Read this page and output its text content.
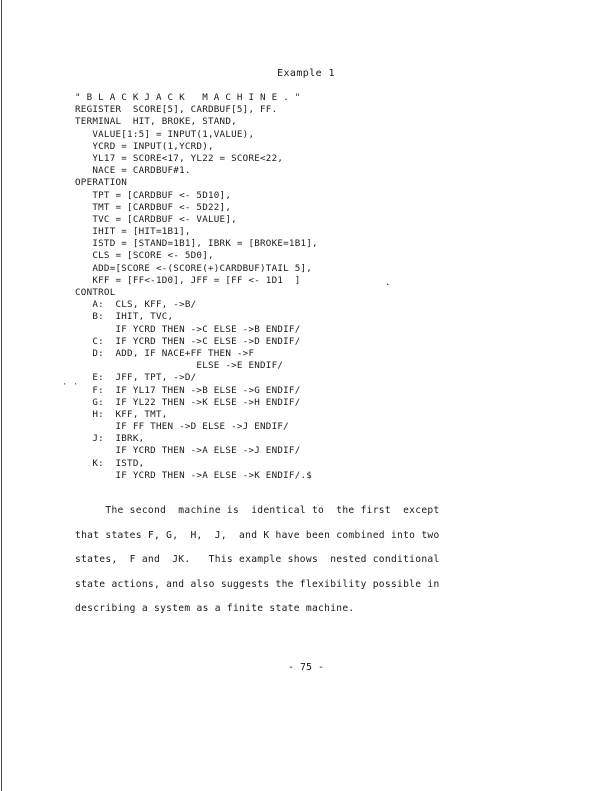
Example 1
" B L A C K J A C K   M A C H I N E . "
REGISTER  SCORE[5], CARDBUF[5], FF.
TERMINAL  HIT, BROKE, STAND,
VALUE[1:5] = INPUT(1,VALUE),
YCRD = INPUT(1,YCRD),
YL17 = SCORE<17, YL22 = SCORE<22,
NACE = CARDBUF#1.
OPERATION
TPT = [CARDBUF <- 5D10],
TMT = [CARDBUF <- 5D22],
TVC = [CARDBUF <- VALUE],
IHIT = [HIT=1B1],
ISTD = [STAND=1B1], IBRK = [BROKE=1B1],
CLS = [SCORE <- 5D0],
ADD=[SCORE <-(SCORE(+)CARDBUF)TAIL 5],
KFF = [FF<-1D0], JFF = [FF <- 1D1  ]
CONTROL
A:  CLS, KFF, ->B/
B:  IHIT, TVC,
IF YCRD THEN ->C ELSE ->B ENDIF/
C:  IF YCRD THEN ->C ELSE ->D ENDIF/
D:  ADD, IF NACE+FF THEN ->F
ELSE ->E ENDIF/
E:  JFF, TPT, ->D/
F:  IF YL17 THEN ->B ELSE ->G ENDIF/
G:  IF YL22 THEN ->K ELSE ->H ENDIF/
H:  KFF, TMT,
IF FF THEN ->D ELSE ->J ENDIF/
J:  IBRK,
IF YCRD THEN ->A ELSE ->J ENDIF/
K:  ISTD,
IF YCRD THEN ->A ELSE ->K ENDIF/.$
· ·
.
The second  machine is  identical to  the first  except
that states F, G,  H,  J,  and K have been combined into two
states,  F and  JK.   This example shows  nested conditional
state actions, and also suggests the flexibility possible in
describing a system as a finite state machine.
- 75 -
